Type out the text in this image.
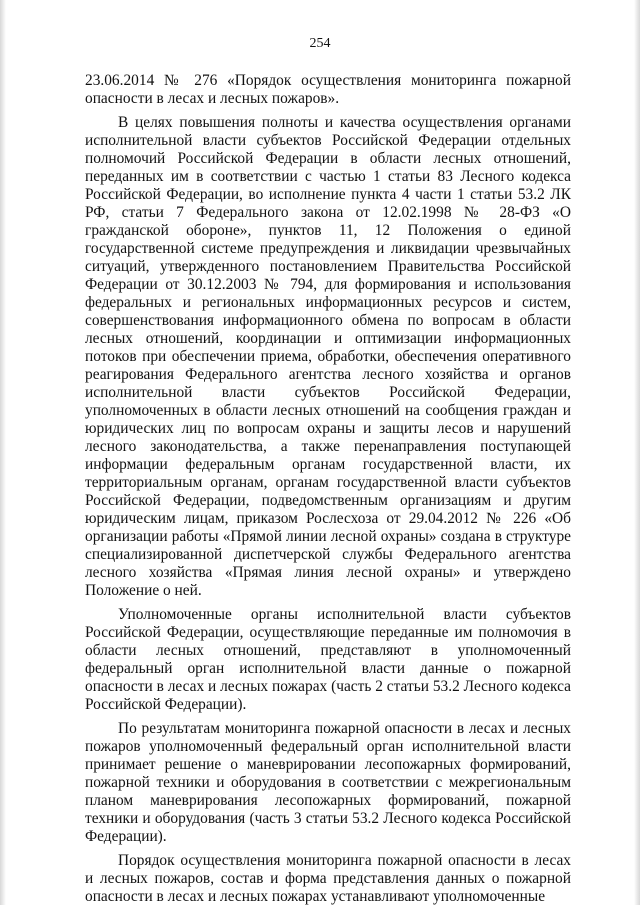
254

23.06.2014 № 276 «Порядок осуществления мониторинга пожарной опасности в лесах и лесных пожаров».

В целях повышения полноты и качества осуществления органами исполнительной власти субъектов Российской Федерации отдельных полномочий Российской Федерации в области лесных отношений, переданных им в соответствии с частью 1 статьи 83 Лесного кодекса Российской Федерации, во исполнение пункта 4 части 1 статьи 53.2 ЛК РФ, статьи 7 Федерального закона от 12.02.1998 № 28-ФЗ «О гражданской обороне», пунктов 11, 12 Положения о единой государственной системе предупреждения и ликвидации чрезвычайных ситуаций, утвержденного постановлением Правительства Российской Федерации от 30.12.2003 № 794, для формирования и использования федеральных и региональных информационных ресурсов и систем, совершенствования информационного обмена по вопросам в области лесных отношений, координации и оптимизации информационных потоков при обеспечении приема, обработки, обеспечения оперативного реагирования Федерального агентства лесного хозяйства и органов исполнительной власти субъектов Российской Федерации, уполномоченных в области лесных отношений на сообщения граждан и юридических лиц по вопросам охраны и защиты лесов и нарушений лесного законодательства, а также перенаправления поступающей информации федеральным органам государственной власти, их территориальным органам, органам государственной власти субъектов Российской Федерации, подведомственным организациям и другим юридическим лицам, приказом Рослесхоза от 29.04.2012 № 226 «Об организации работы «Прямой линии лесной охраны» создана в структуре специализированной диспетчерской службы Федерального агентства лесного хозяйства «Прямая линия лесной охраны» и утверждено Положение о ней.

Уполномоченные органы исполнительной власти субъектов Российской Федерации, осуществляющие переданные им полномочия в области лесных отношений, представляют в уполномоченный федеральный орган исполнительной власти данные о пожарной опасности в лесах и лесных пожарах (часть 2 статьи 53.2 Лесного кодекса Российской Федерации).

По результатам мониторинга пожарной опасности в лесах и лесных пожаров уполномоченный федеральный орган исполнительной власти принимает решение о маневрировании лесопожарных формирований, пожарной техники и оборудования в соответствии с межрегиональным планом маневрирования лесопожарных формирований, пожарной техники и оборудования (часть 3 статьи 53.2 Лесного кодекса Российской Федерации).

Порядок осуществления мониторинга пожарной опасности в лесах и лесных пожаров, состав и форма представления данных о пожарной опасности в лесах и лесных пожарах устанавливают уполномоченные
